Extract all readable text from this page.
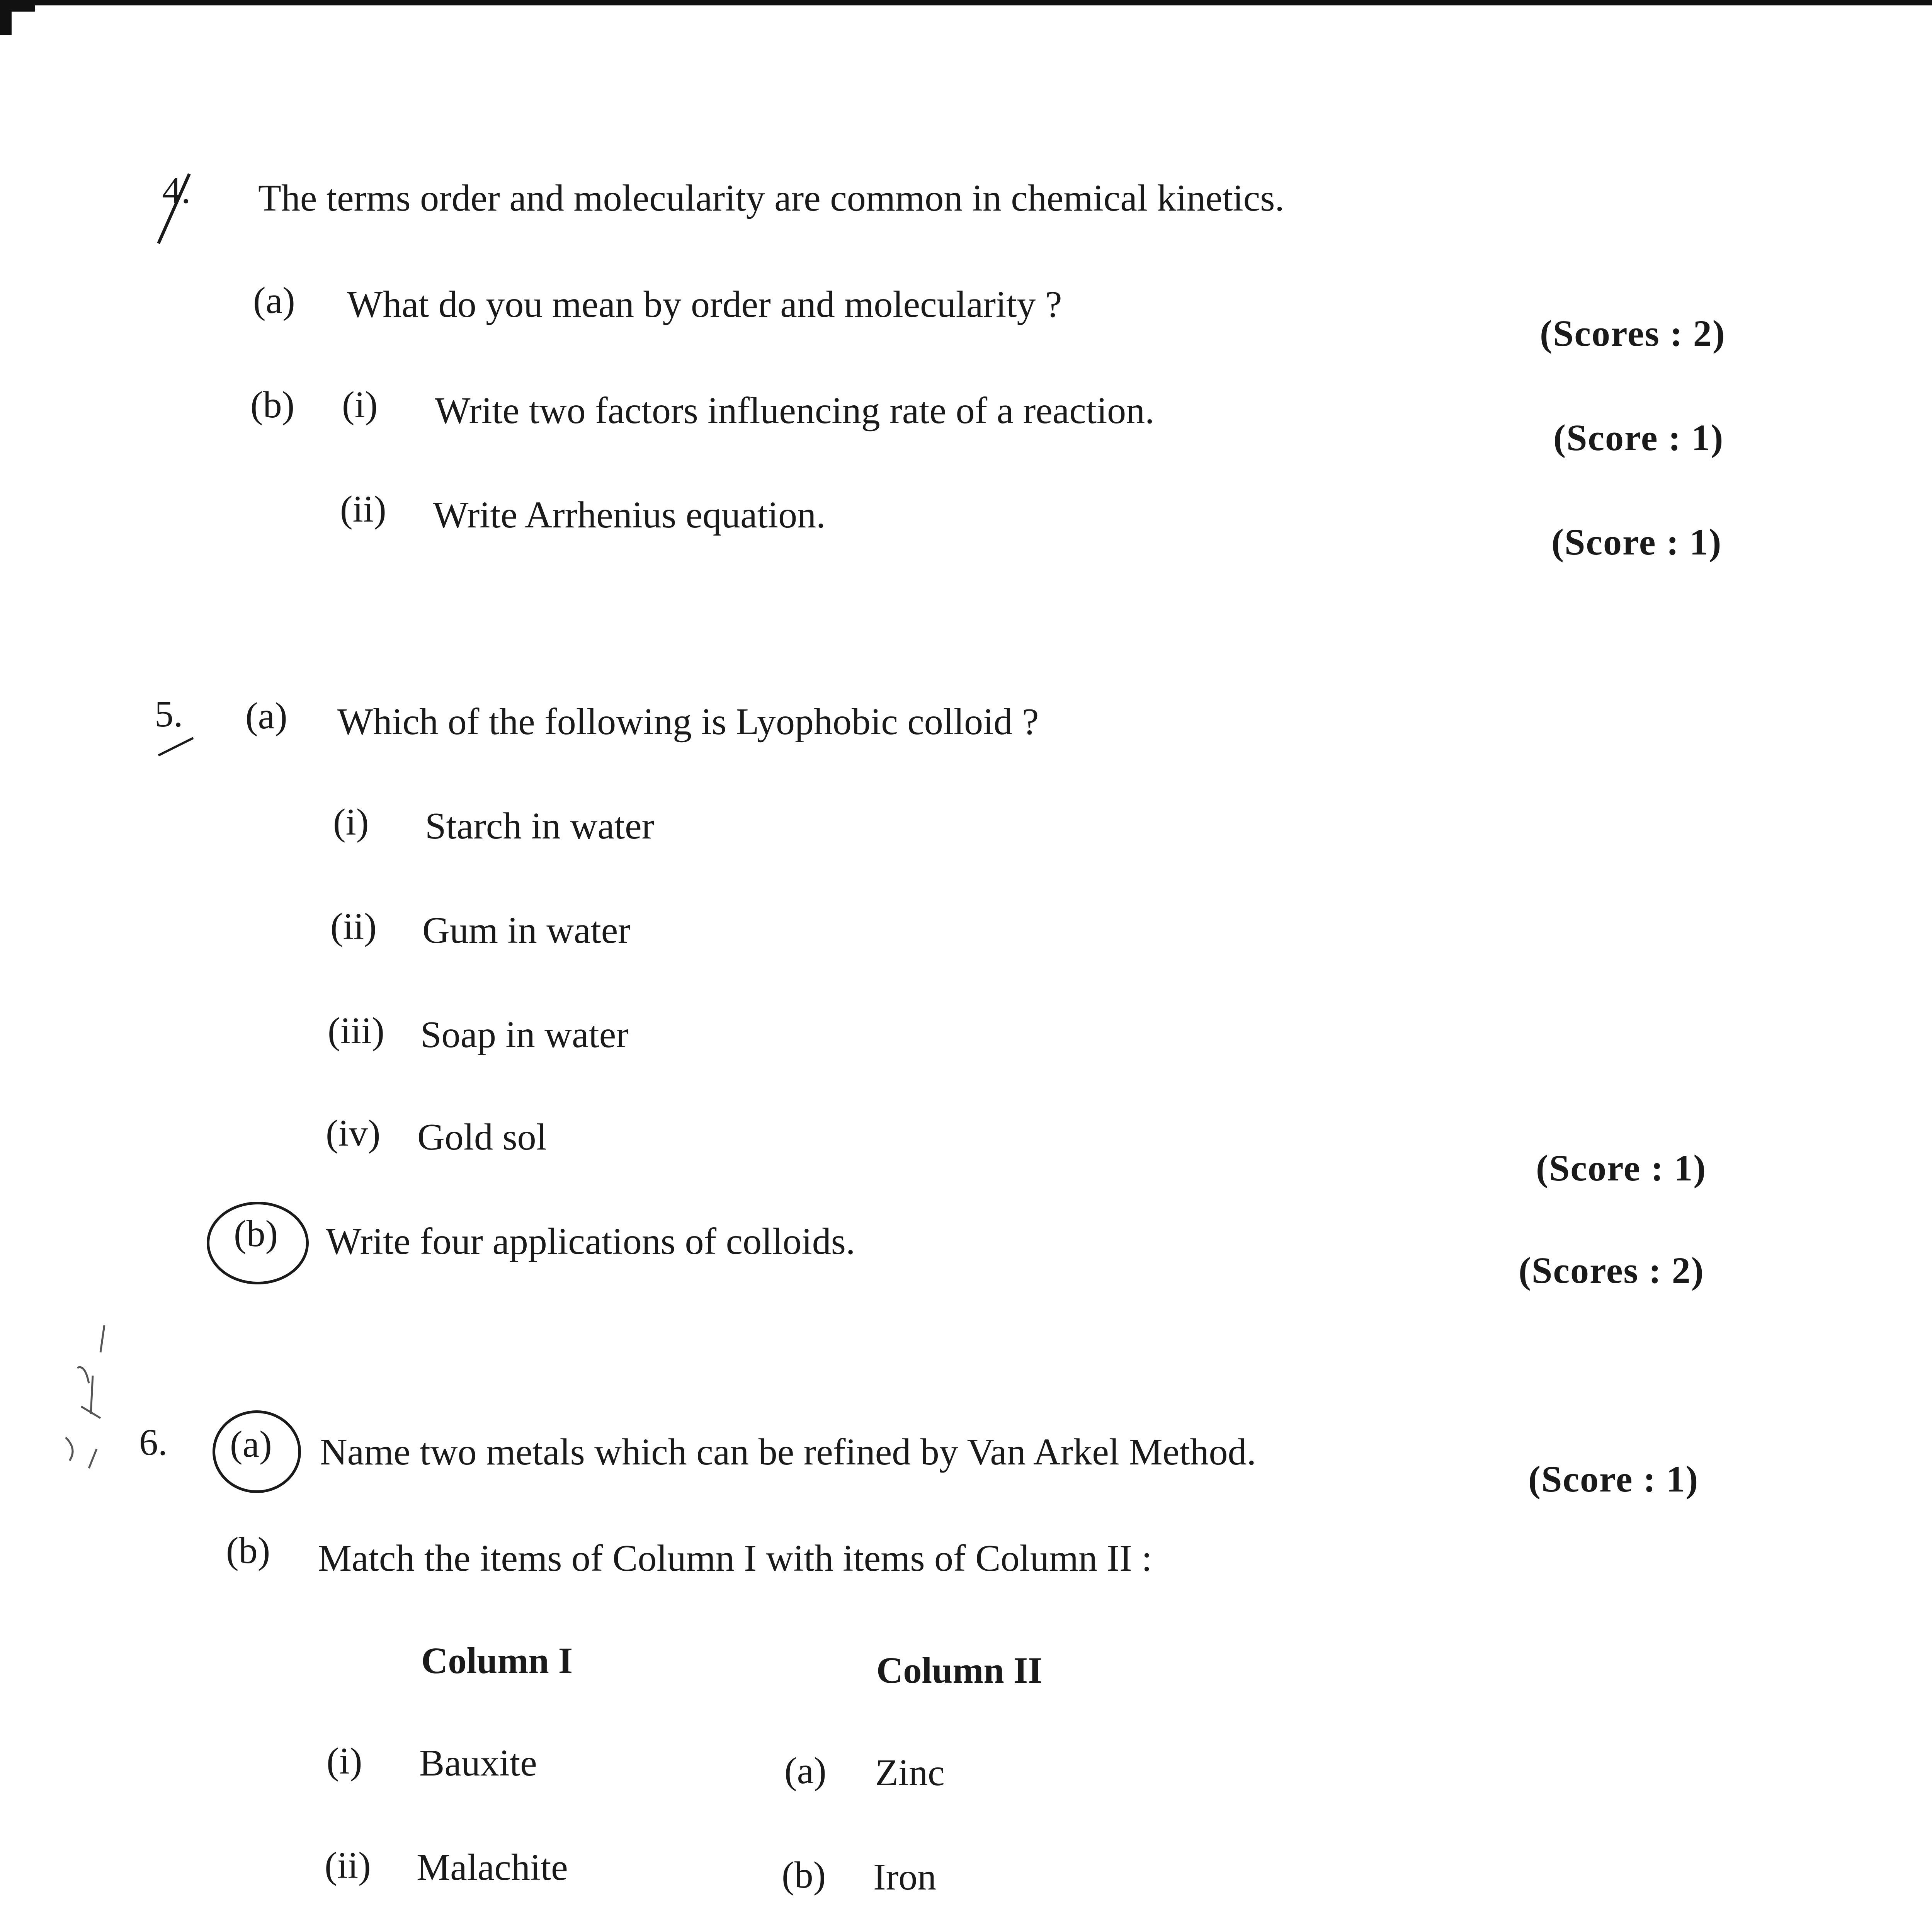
4. The terms order and molecularity are common in chemical kinetics.
(a) What do you mean by order and molecularity ?
(Scores : 2)
(b) (i) Write two factors influencing rate of a reaction.
(Score : 1)
(ii) Write Arrhenius equation.
(Score : 1)
5. (a) Which of the following is Lyophobic colloid ?
(i) Starch in water
(ii) Gum in water
(iii) Soap in water
(iv) Gold sol
(Score : 1)
(b) Write four applications of colloids.
(Scores : 2)
6. (a) Name two metals which can be refined by Van Arkel Method.
(Score : 1)
(b) Match the items of Column I with items of Column II :
Column I	Column II
(i) Bauxite
(ii) Malachite
(a) Zinc
(b) Iron
